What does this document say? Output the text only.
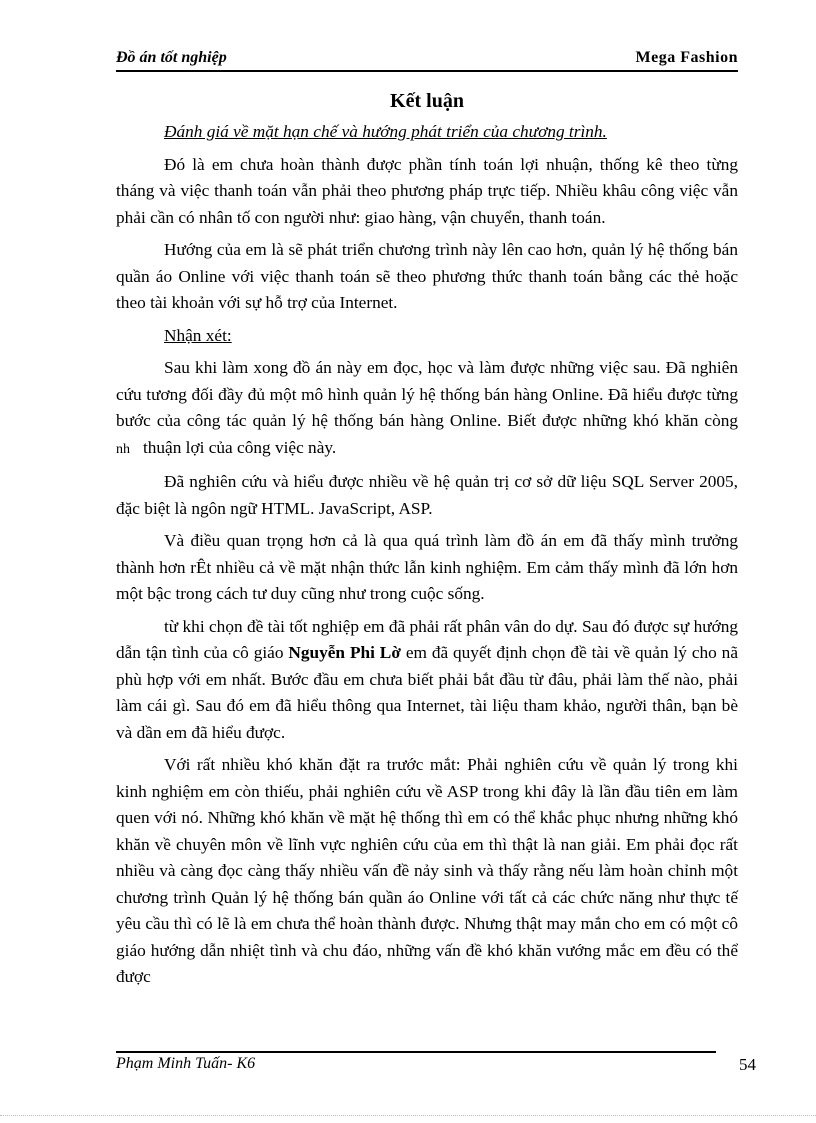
Đồ án tốt nghiệp	Mega Fashion
Kết luận

Đánh giá về mặt hạn chế và hướng phát triển của chương trình.

Đó là em chưa hoàn thành được phần tính toán lợi nhuận, thống kê theo từng tháng và việc thanh toán vẫn phải theo phương pháp trực tiếp. Nhiều khâu công việc vẫn phải cần có nhân tố con người như: giao hàng, vận chuyển, thanh toán.

Hướng của em là sẽ phát triển chương trình này lên cao hơn, quản lý hệ thống bán quần áo Online với việc thanh toán sẽ theo phương thức thanh toán bằng các thẻ hoặc theo tài khoản với sự hỗ trợ của Internet.

Nhận xét:

Sau khi làm xong đồ án này em đọc, học và làm được những việc sau. Đã nghiên cứu tương đối đầy đủ một mô hình quản lý hệ thống bán hàng Online. Đã hiểu được từng bước của công tác quản lý hệ thống bán hàng Online. Biết được những khó khăn còng nh thuận lợi của công việc này.

Đã nghiên cứu và hiểu được nhiều về hệ quản trị cơ sở dữ liệu SQL Server 2005, đặc biệt là ngôn ngữ HTML. JavaScript, ASP.

Và điều quan trọng hơn cả là qua quá trình làm đồ án em đã thấy mình trưởng thành hơn rÊt nhiều cả về mặt nhận thức lẫn kinh nghiệm. Em cảm thấy mình đã lớn hơn một bậc trong cách tư duy cũng như trong cuộc sống.

từ khi chọn đề tài tốt nghiệp em đã phải rất phân vân do dự. Sau đó được sự hướng dẫn tận tình của cô giáo Nguyễn Phi Lờ em đã quyết định chọn đề tài về quản lý cho nã phù hợp với em nhất. Bước đầu em chưa biết phải bắt đầu từ đâu, phải làm thế nào, phải làm cái gì. Sau đó em đã hiểu thông qua Internet, tài liệu tham khảo, người thân, bạn bè và dần em đã hiểu được.

Với rất nhiều khó khăn đặt ra trước mắt: Phải nghiên cứu về quản lý trong khi kinh nghiệm em còn thiếu, phải nghiên cứu về ASP trong khi đây là lần đầu tiên em làm quen với nó. Những khó khăn về mặt hệ thống thì em có thể khắc phục nhưng những khó khăn về chuyên môn về lĩnh vực nghiên cứu của em thì thật là nan giải. Em phải đọc rất nhiều và càng đọc càng thấy nhiều vấn đề nảy sinh và thấy rằng nếu làm hoàn chỉnh một chương trình Quản lý hệ thống bán quần áo Online với tất cả các chức năng như thực tế yêu cầu thì có lẽ là em chưa thể hoàn thành được. Nhưng thật may mắn cho em có một cô giáo hướng dẫn nhiệt tình và chu đáo, những vấn đề khó khăn vướng mắc em đều có thể được

Phạm Minh Tuấn- K6	54
